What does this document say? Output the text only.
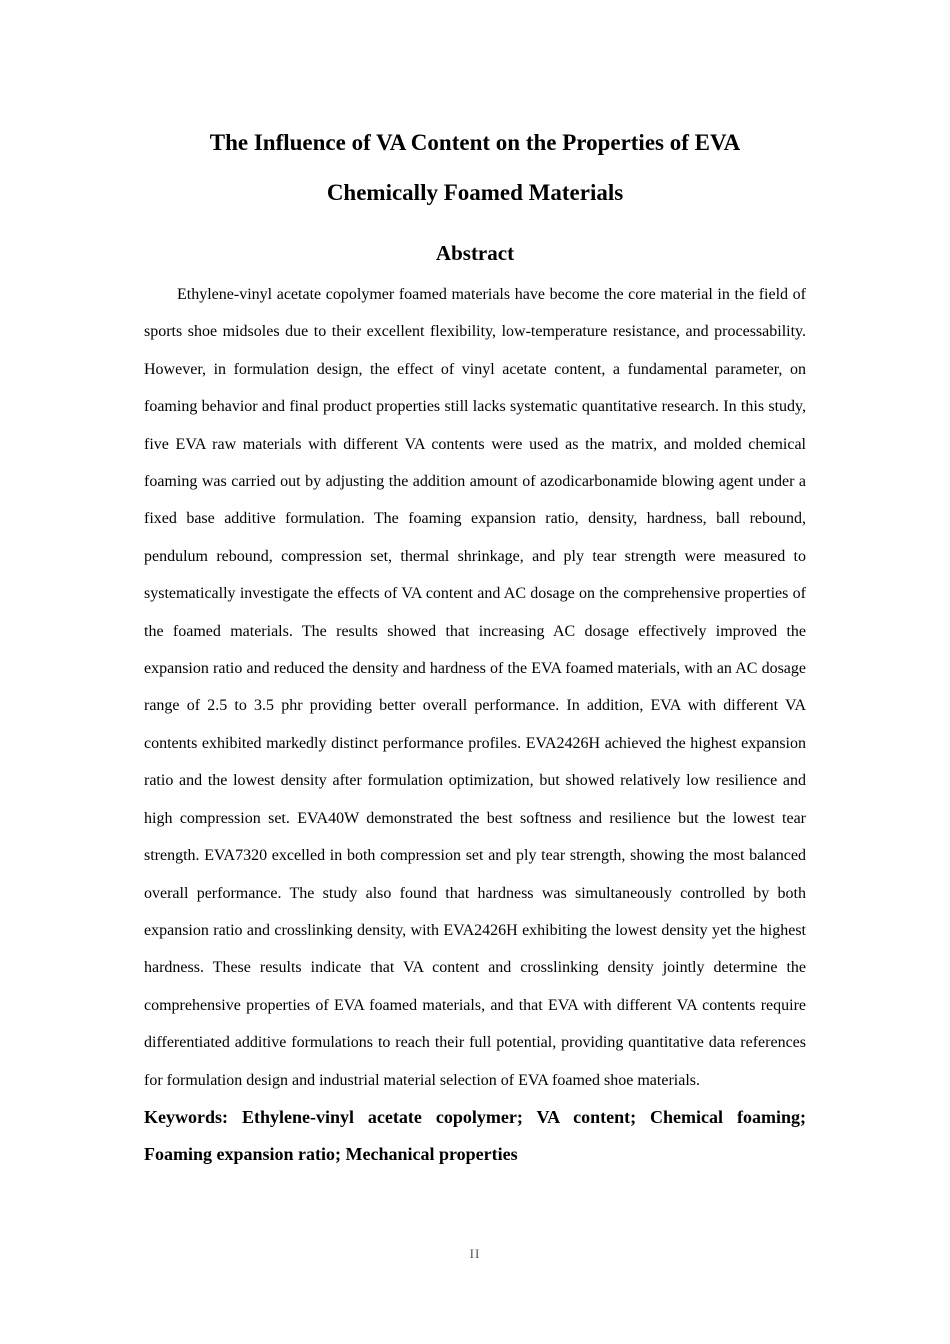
The Influence of VA Content on the Properties of EVA
Chemically Foamed Materials
Abstract

Ethylene-vinyl acetate copolymer foamed materials have become the core material in the field of sports shoe midsoles due to their excellent flexibility, low-temperature resistance, and processability. However, in formulation design, the effect of vinyl acetate content, a fundamental parameter, on foaming behavior and final product properties still lacks systematic quantitative research. In this study, five EVA raw materials with different VA contents were used as the matrix, and molded chemical foaming was carried out by adjusting the addition amount of azodicarbonamide blowing agent under a fixed base additive formulation. The foaming expansion ratio, density, hardness, ball rebound, pendulum rebound, compression set, thermal shrinkage, and ply tear strength were measured to systematically investigate the effects of VA content and AC dosage on the comprehensive properties of the foamed materials. The results showed that increasing AC dosage effectively improved the expansion ratio and reduced the density and hardness of the EVA foamed materials, with an AC dosage range of 2.5 to 3.5 phr providing better overall performance. In addition, EVA with different VA contents exhibited markedly distinct performance profiles. EVA2426H achieved the highest expansion ratio and the lowest density after formulation optimization, but showed relatively low resilience and high compression set. EVA40W demonstrated the best softness and resilience but the lowest tear strength. EVA7320 excelled in both compression set and ply tear strength, showing the most balanced overall performance. The study also found that hardness was simultaneously controlled by both expansion ratio and crosslinking density, with EVA2426H exhibiting the lowest density yet the highest hardness. These results indicate that VA content and crosslinking density jointly determine the comprehensive properties of EVA foamed materials, and that EVA with different VA contents require differentiated additive formulations to reach their full potential, providing quantitative data references for formulation design and industrial material selection of EVA foamed shoe materials.

Keywords: Ethylene-vinyl acetate copolymer; VA content; Chemical foaming; Foaming expansion ratio; Mechanical properties

II
